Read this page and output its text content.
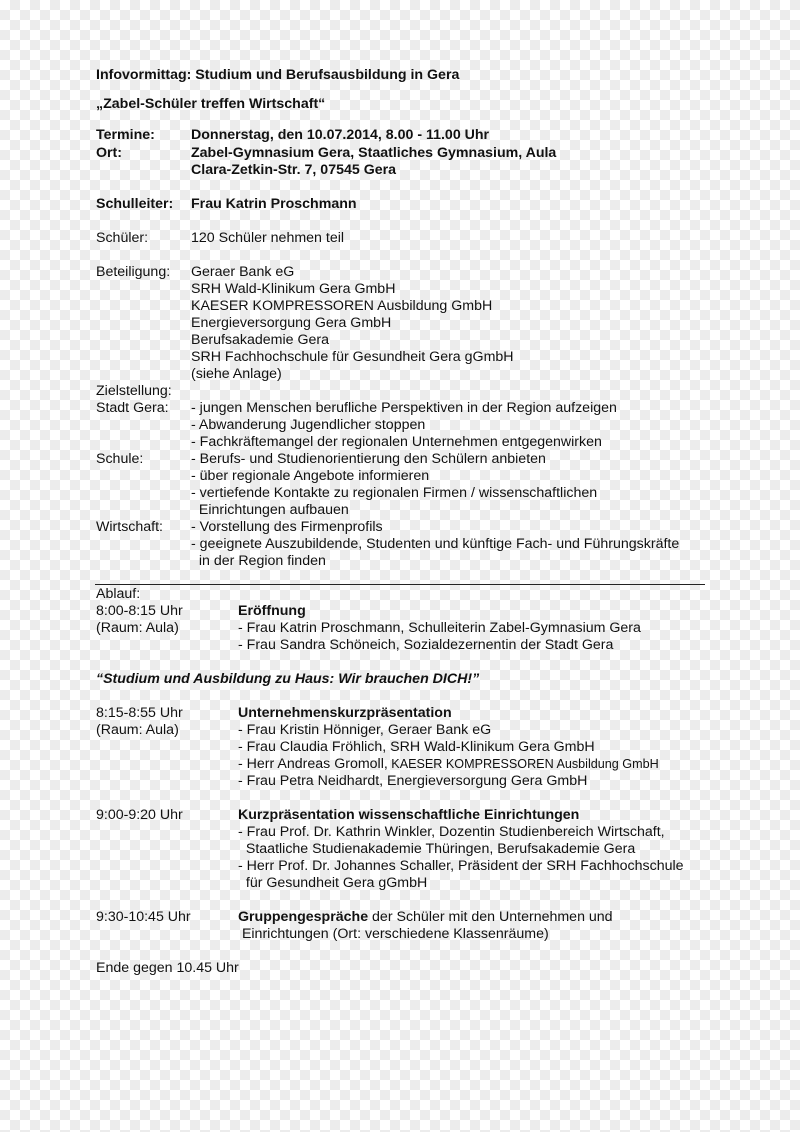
Infovormittag: Studium und Berufsausbildung in Gera
„Zabel-Schüler treffen Wirtschaft“
Termine:	Donnerstag, den 10.07.2014, 8.00 - 11.00 Uhr
Ort:	Zabel-Gymnasium Gera, Staatliches Gymnasium, Aula
Clara-Zetkin-Str. 7, 07545 Gera
Schulleiter: Frau Katrin Proschmann
Schüler:	120 Schüler nehmen teil
Beteiligung: Geraer Bank eG
SRH Wald-Klinikum Gera GmbH
KAESER KOMPRESSOREN Ausbildung GmbH
Energieversorgung Gera GmbH
Berufsakademie Gera
SRH Fachhochschule für Gesundheit Gera gGmbH
(siehe Anlage)
Zielstellung:
Stadt Gera: - jungen Menschen berufliche Perspektiven in der Region aufzeigen
- Abwanderung Jugendlicher stoppen
- Fachkräftemangel der regionalen Unternehmen entgegenwirken
Schule:	- Berufs- und Studienorientierung den Schülern anbieten
- über regionale Angebote informieren
- vertiefende Kontakte zu regionalen Firmen / wissenschaftlichen
Einrichtungen aufbauen
Wirtschaft: - Vorstellung des Firmenprofils
- geeignete Auszubildende, Studenten und künftige Fach- und Führungskräfte
in der Region finden
Ablauf:
8:00-8:15 Uhr	Eröffnung
(Raum: Aula)	- Frau Katrin Proschmann, Schulleiterin Zabel-Gymnasium Gera
- Frau Sandra Schöneich, Sozialdezernentin der Stadt Gera
“Studium und Ausbildung zu Haus: Wir brauchen DICH!”
8:15-8:55 Uhr	Unternehmenskurzpräsentation
(Raum: Aula)	- Frau Kristin Hönniger, Geraer Bank eG
- Frau Claudia Fröhlich, SRH Wald-Klinikum Gera GmbH
- Herr Andreas Gromoll, KAESER KOMPRESSOREN Ausbildung GmbH
- Frau Petra Neidhardt, Energieversorgung Gera GmbH
9:00-9:20 Uhr	Kurzpräsentation wissenschaftliche Einrichtungen
- Frau Prof. Dr. Kathrin Winkler, Dozentin Studienbereich Wirtschaft,
Staatliche Studienakademie Thüringen, Berufsakademie Gera
- Herr Prof. Dr. Johannes Schaller, Präsident der SRH Fachhochschule
für Gesundheit Gera gGmbH
9:30-10:45 Uhr	Gruppengespräche der Schüler mit den Unternehmen und
Einrichtungen (Ort: verschiedene Klassenräume)
Ende gegen 10.45 Uhr
